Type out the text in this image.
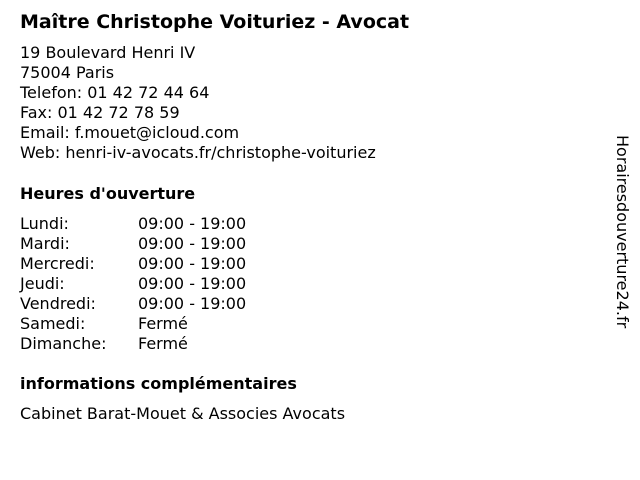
Maître Christophe Voituriez - Avocat
19 Boulevard Henri IV
75004 Paris
Telefon: 01 42 72 44 64
Fax: 01 42 72 78 59
Email: f.mouet@icloud.com
Web: henri-iv-avocats.fr/christophe-voituriez
Heures d'ouverture
Lundi:	09:00 - 19:00
Mardi:	09:00 - 19:00
Mercredi:	09:00 - 19:00
Jeudi:	09:00 - 19:00
Vendredi:	09:00 - 19:00
Samedi:	Fermé
Dimanche: Fermé
informations complémentaires
Cabinet Barat-Mouet & Associes Avocats
Horairesdouverture24.fr
